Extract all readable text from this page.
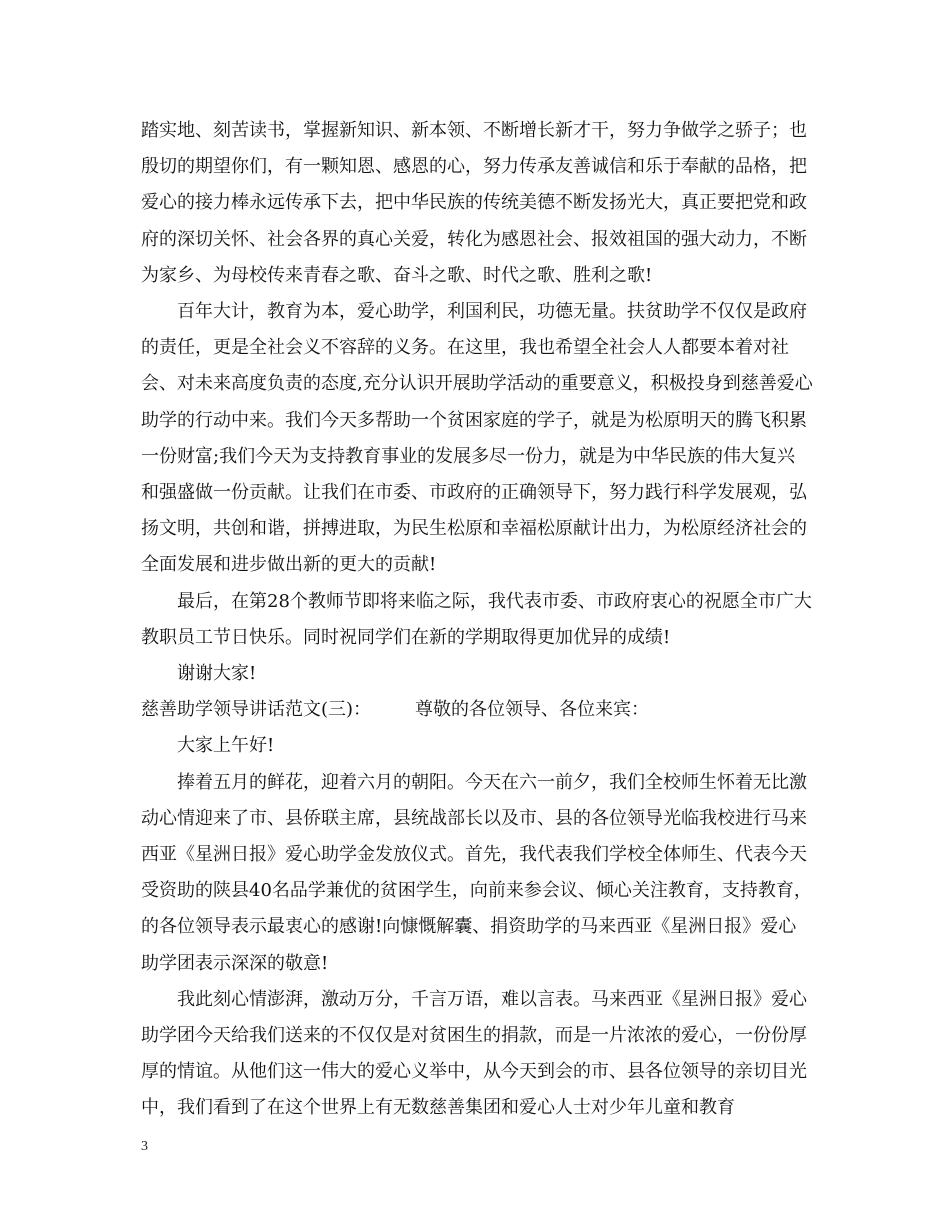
踏实地、刻苦读书，掌握新知识、新本领、不断增长新才干，努力争做学之骄子；也殷切的期望你们，有一颗知恩、感恩的心，努力传承友善诚信和乐于奉献的品格，把爱心的接力棒永远传承下去，把中华民族的传统美德不断发扬光大，真正要把党和政府的深切关怀、社会各界的真心关爱，转化为感恩社会、报效祖国的强大动力，不断为家乡、为母校传来青春之歌、奋斗之歌、时代之歌、胜利之歌!

百年大计，教育为本，爱心助学，利国利民，功德无量。扶贫助学不仅仅是政府的责任，更是全社会义不容辞的义务。在这里，我也希望全社会人人都要本着对社会、对未来高度负责的态度,充分认识开展助学活动的重要意义，积极投身到慈善爱心助学的行动中来。我们今天多帮助一个贫困家庭的学子，就是为松原明天的腾飞积累一份财富;我们今天为支持教育事业的发展多尽一份力，就是为中华民族的伟大复兴和强盛做一份贡献。让我们在市委、市政府的正确领导下，努力践行科学发展观，弘扬文明，共创和谐，拼搏进取，为民生松原和幸福松原献计出力，为松原经济社会的全面发展和进步做出新的更大的贡献!

最后，在第28个教师节即将来临之际，我代表市委、市政府衷心的祝愿全市广大教职员工节日快乐。同时祝同学们在新的学期取得更加优异的成绩!

谢谢大家!

慈善助学领导讲话范文(三)： 尊敬的各位领导、各位来宾：

大家上午好!

捧着五月的鲜花，迎着六月的朝阳。今天在六一前夕，我们全校师生怀着无比激动心情迎来了市、县侨联主席，县统战部长以及市、县的各位领导光临我校进行马来西亚《星洲日报》爱心助学金发放仪式。首先，我代表我们学校全体师生、代表今天受资助的陕县40名品学兼优的贫困学生，向前来参会议、倾心关注教育，支持教育，的各位领导表示最衷心的感谢!向慷慨解囊、捐资助学的马来西亚《星洲日报》爱心助学团表示深深的敬意!

我此刻心情澎湃，激动万分，千言万语，难以言表。马来西亚《星洲日报》爱心助学团今天给我们送来的不仅仅是对贫困生的捐款，而是一片浓浓的爱心，一份份厚厚的情谊。从他们这一伟大的爱心义举中，从今天到会的市、县各位领导的亲切目光中，我们看到了在这个世界上有无数慈善集团和爱心人士对少年儿童和教育

3
